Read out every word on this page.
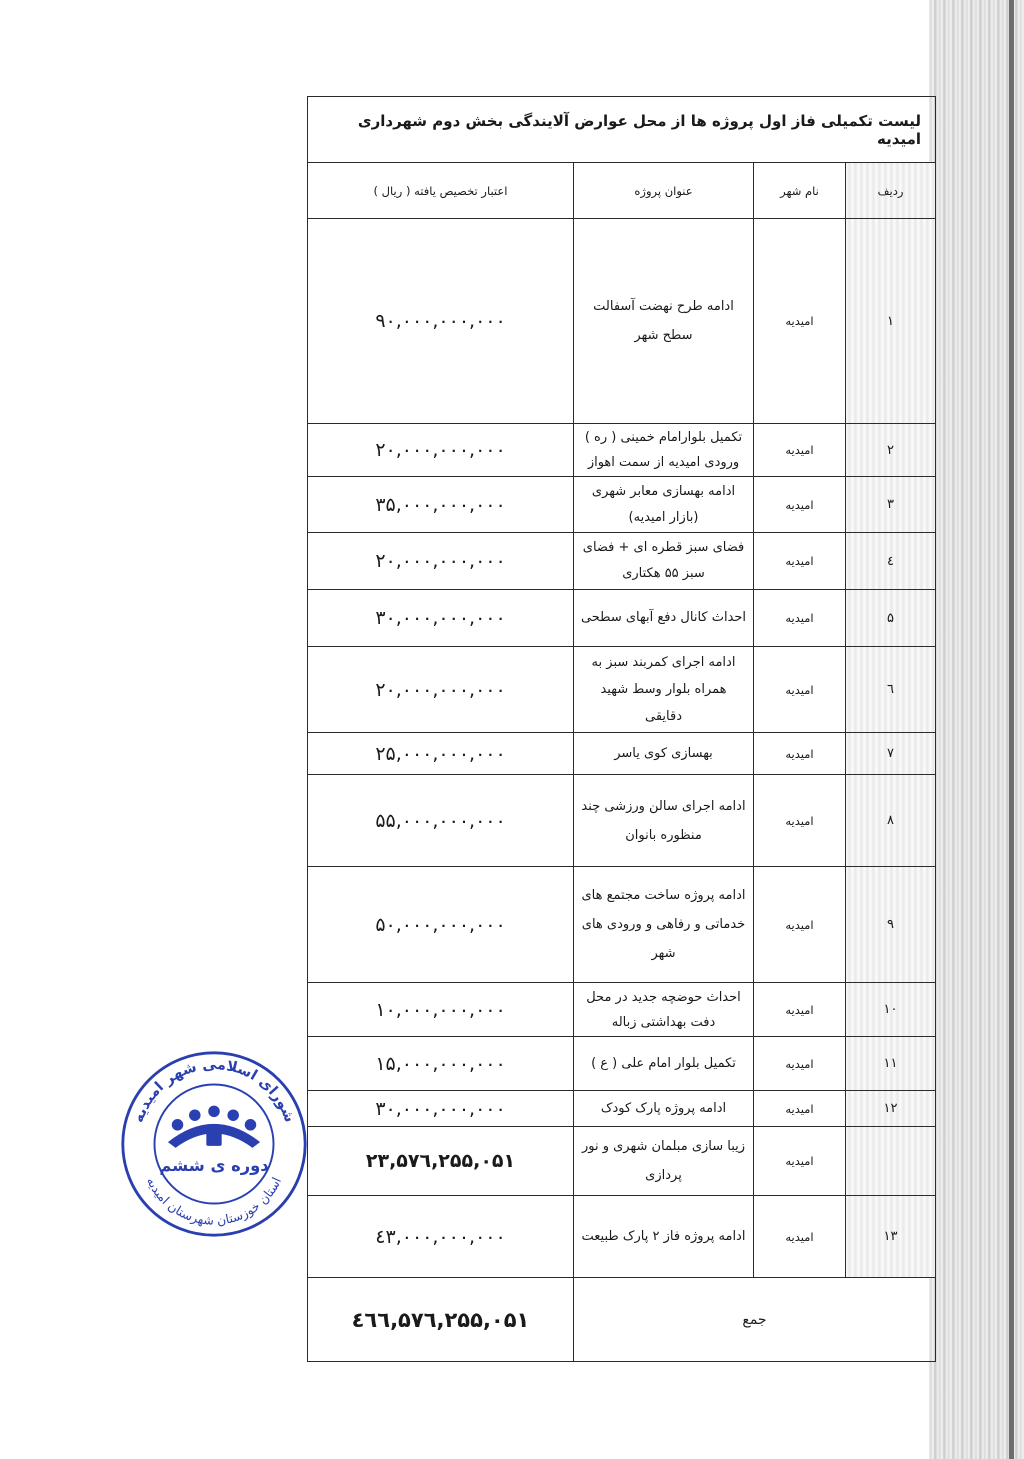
لیست تکمیلی فاز اول پروژه ها از محل عوارض آلایندگی بخش دوم شهرداری امیدیه			
ردیف	نام شهر	عنوان پروژه	اعتبار تخصیص یافته ( ریال )
۱	امیدیه	ادامه طرح نهضت آسفالت سطح شهر	۹۰,۰۰۰,۰۰۰,۰۰۰
۲	امیدیه	تکمیل بلوارامام خمینی ( ره ) ورودی امیدیه از سمت اهواز	۲۰,۰۰۰,۰۰۰,۰۰۰
۳	امیدیه	ادامه بهسازی معابر شهری (بازار امیدیه)	۳۵,۰۰۰,۰۰۰,۰۰۰
٤	امیدیه	فضای سبز قطره ای + فضای سبز ۵۵ هکتاری	۲۰,۰۰۰,۰۰۰,۰۰۰
۵	امیدیه	احداث کانال دفع آبهای سطحی	۳۰,۰۰۰,۰۰۰,۰۰۰
٦	امیدیه	ادامه اجرای کمربند سبز به همراه بلوار وسط شهید دقایقی	۲۰,۰۰۰,۰۰۰,۰۰۰
۷	امیدیه	بهسازی کوی یاسر	۲۵,۰۰۰,۰۰۰,۰۰۰
۸	امیدیه	ادامه اجرای سالن ورزشی چند منظوره بانوان	۵۵,۰۰۰,۰۰۰,۰۰۰
۹	امیدیه	ادامه پروژه ساخت مجتمع های خدماتی و رفاهی و ورودی های شهر	۵۰,۰۰۰,۰۰۰,۰۰۰
۱۰	امیدیه	احداث حوضچه جدید در محل دفت بهداشتی زباله	۱۰,۰۰۰,۰۰۰,۰۰۰
۱۱	امیدیه	تکمیل بلوار امام علی ( ع )	۱۵,۰۰۰,۰۰۰,۰۰۰
۱۲	امیدیه	ادامه پروژه پارک کودک	۳۰,۰۰۰,۰۰۰,۰۰۰
	امیدیه	زیبا سازی مبلمان شهری و نور پردازی	۲۳,۵۷٦,۲۵۵,۰۵۱
۱۳	امیدیه	ادامه پروژه فاز ۲ پارک طبیعت	٤۳,۰۰۰,۰۰۰,۰۰۰
جمع			٤٦٦,۵۷٦,۲۵۵,۰۵۱
شورای اسلامی شهر امیدیه
استان خوزستان شهرستان امیدیه
دوره ی ششم
